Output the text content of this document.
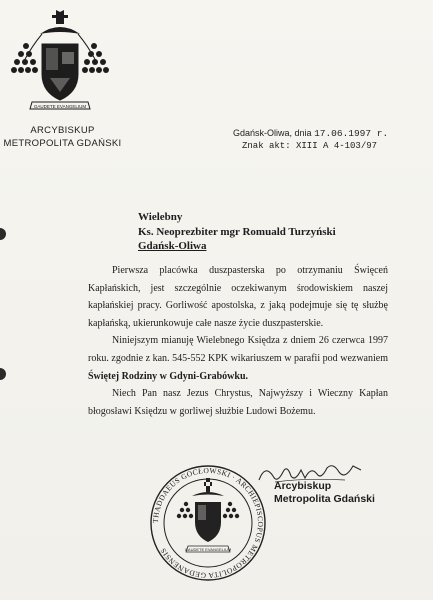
GAUDETE EVANGELIUM
ARCYBISKUP
METROPOLITA GDAŃSKI
Gdańsk-Oliwa, dnia 17.06.1997 r.
Znak akt: XIII A 4-103/97
Wielebny
Ks. Neoprezbiter mgr Romuald Turzyński
Gdańsk-Oliwa

Pierwsza placówka duszpasterska po otrzymaniu Święceń Kapłańskich, jest szczególnie oczekiwanym środowiskiem naszej kapłańskiej pracy. Gorliwość apostolska, z jaką podejmuje się tę służbę kapłańską, ukierunkowuje całe nasze życie duszpasterskie.

Niniejszym mianuję Wielebnego Księdza z dniem 26 czerwca 1997 roku. zgodnie z kan. 545-552 KPK wikariuszem w parafii pod wezwaniem Świętej Rodziny w Gdyni-Grabówku.

Niech Pan nasz Jezus Chrystus, Najwyższy i Wieczny Kapłan błogosławi Księdzu w gorliwej służbie Ludowi Bożemu.

THADDAEUS GOCŁOWSKI · ARCHIEPISCOPUS METROPOLITA GEDANENSIS	GAUDETE EVANGELIUM
Arcybiskup
Metropolita Gdański
